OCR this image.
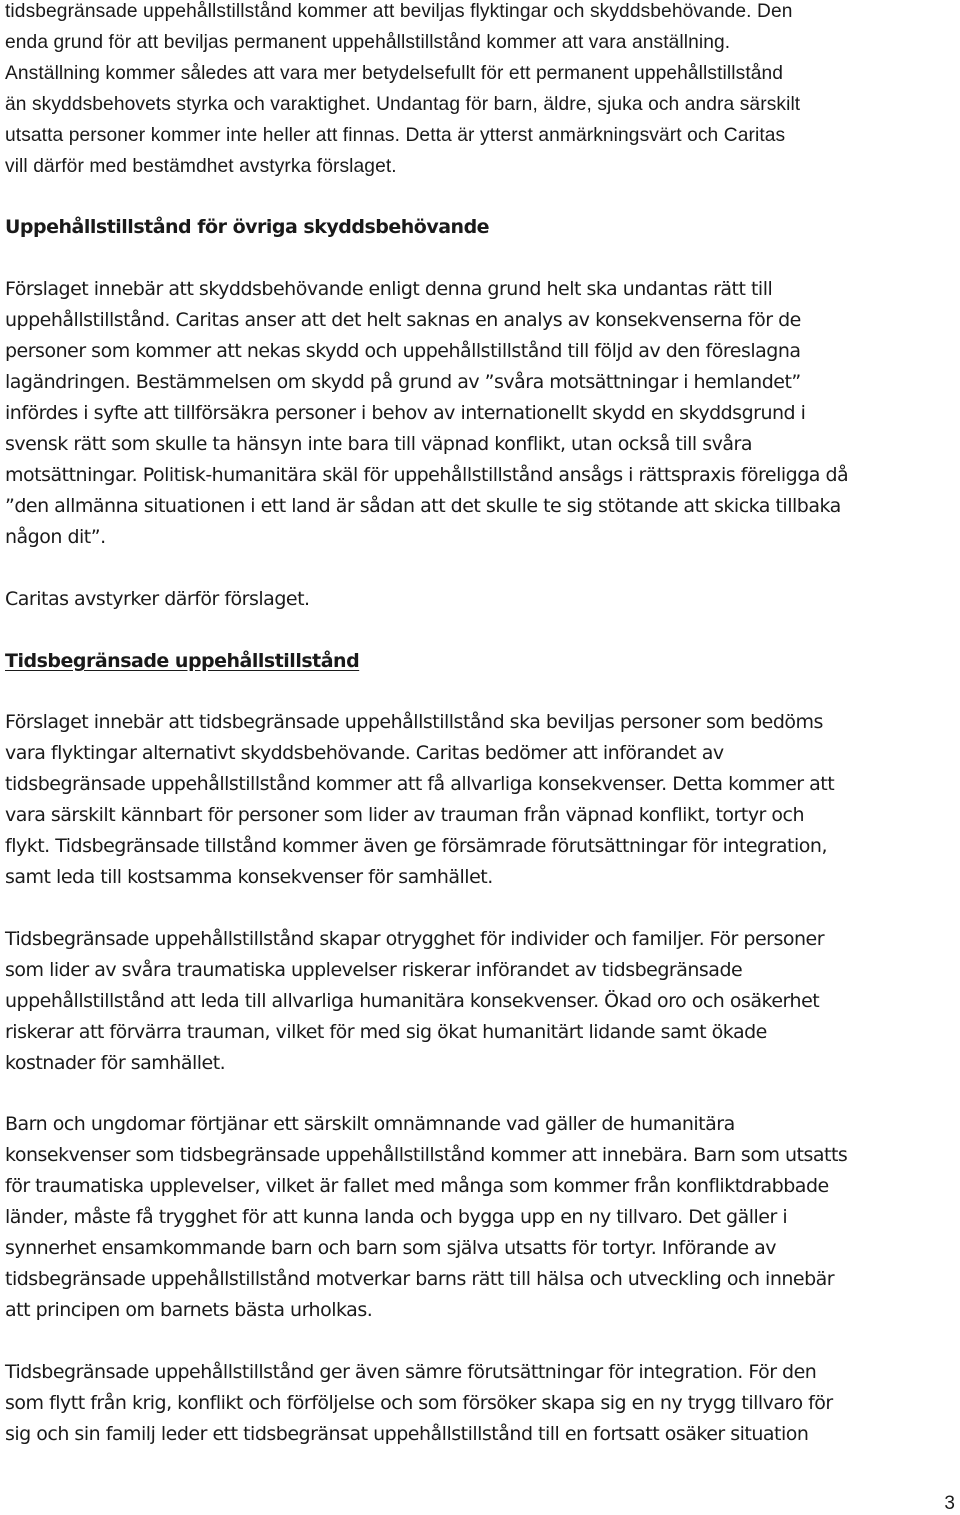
tidsbegränsade uppehållstillstånd kommer att beviljas flyktingar och skyddsbehövande. Den
enda grund för att beviljas permanent uppehållstillstånd kommer att vara anställning.
Anställning kommer således att vara mer betydelsefullt för ett permanent uppehållstillstånd
än skyddsbehovets styrka och varaktighet. Undantag för barn, äldre, sjuka och andra särskilt
utsatta personer kommer inte heller att finnas. Detta är ytterst anmärkningsvärt och Caritas
vill därför med bestämdhet avstyrka förslaget.
Uppehållstillstånd för övriga skyddsbehövande
Förslaget innebär att skyddsbehövande enligt denna grund helt ska undantas rätt till
uppehållstillstånd. Caritas anser att det helt saknas en analys av konsekvenserna för de
personer som kommer att nekas skydd och uppehållstillstånd till följd av den föreslagna
lagändringen. Bestämmelsen om skydd på grund av ”svåra motsättningar i hemlandet”
infördes i syfte att tillförsäkra personer i behov av internationellt skydd en skyddsgrund i
svensk rätt som skulle ta hänsyn inte bara till väpnad konflikt, utan också till svåra
motsättningar. Politisk-humanitära skäl för uppehållstillstånd ansågs i rättspraxis föreligga då
”den allmänna situationen i ett land är sådan att det skulle te sig stötande att skicka tillbaka
någon dit”.
Caritas avstyrker därför förslaget.
Tidsbegränsade uppehållstillstånd
Förslaget innebär att tidsbegränsade uppehållstillstånd ska beviljas personer som bedöms
vara flyktingar alternativt skyddsbehövande. Caritas bedömer att införandet av
tidsbegränsade uppehållstillstånd kommer att få allvarliga konsekvenser. Detta kommer att
vara särskilt kännbart för personer som lider av trauman från väpnad konflikt, tortyr och
flykt. Tidsbegränsade tillstånd kommer även ge försämrade förutsättningar för integration,
samt leda till kostsamma konsekvenser för samhället.
Tidsbegränsade uppehållstillstånd skapar otrygghet för individer och familjer. För personer
som lider av svåra traumatiska upplevelser riskerar införandet av tidsbegränsade
uppehållstillstånd att leda till allvarliga humanitära konsekvenser. Ökad oro och osäkerhet
riskerar att förvärra trauman, vilket för med sig ökat humanitärt lidande samt ökade
kostnader för samhället.
Barn och ungdomar förtjänar ett särskilt omnämnande vad gäller de humanitära
konsekvenser som tidsbegränsade uppehållstillstånd kommer att innebära. Barn som utsatts
för traumatiska upplevelser, vilket är fallet med många som kommer från konfliktdrabbade
länder, måste få trygghet för att kunna landa och bygga upp en ny tillvaro. Det gäller i
synnerhet ensamkommande barn och barn som själva utsatts för tortyr. Införande av
tidsbegränsade uppehållstillstånd motverkar barns rätt till hälsa och utveckling och innebär
att principen om barnets bästa urholkas.
Tidsbegränsade uppehållstillstånd ger även sämre förutsättningar för integration. För den
som flytt från krig, konflikt och förföljelse och som försöker skapa sig en ny trygg tillvaro för
sig och sin familj leder ett tidsbegränsat uppehållstillstånd till en fortsatt osäker situation
3
